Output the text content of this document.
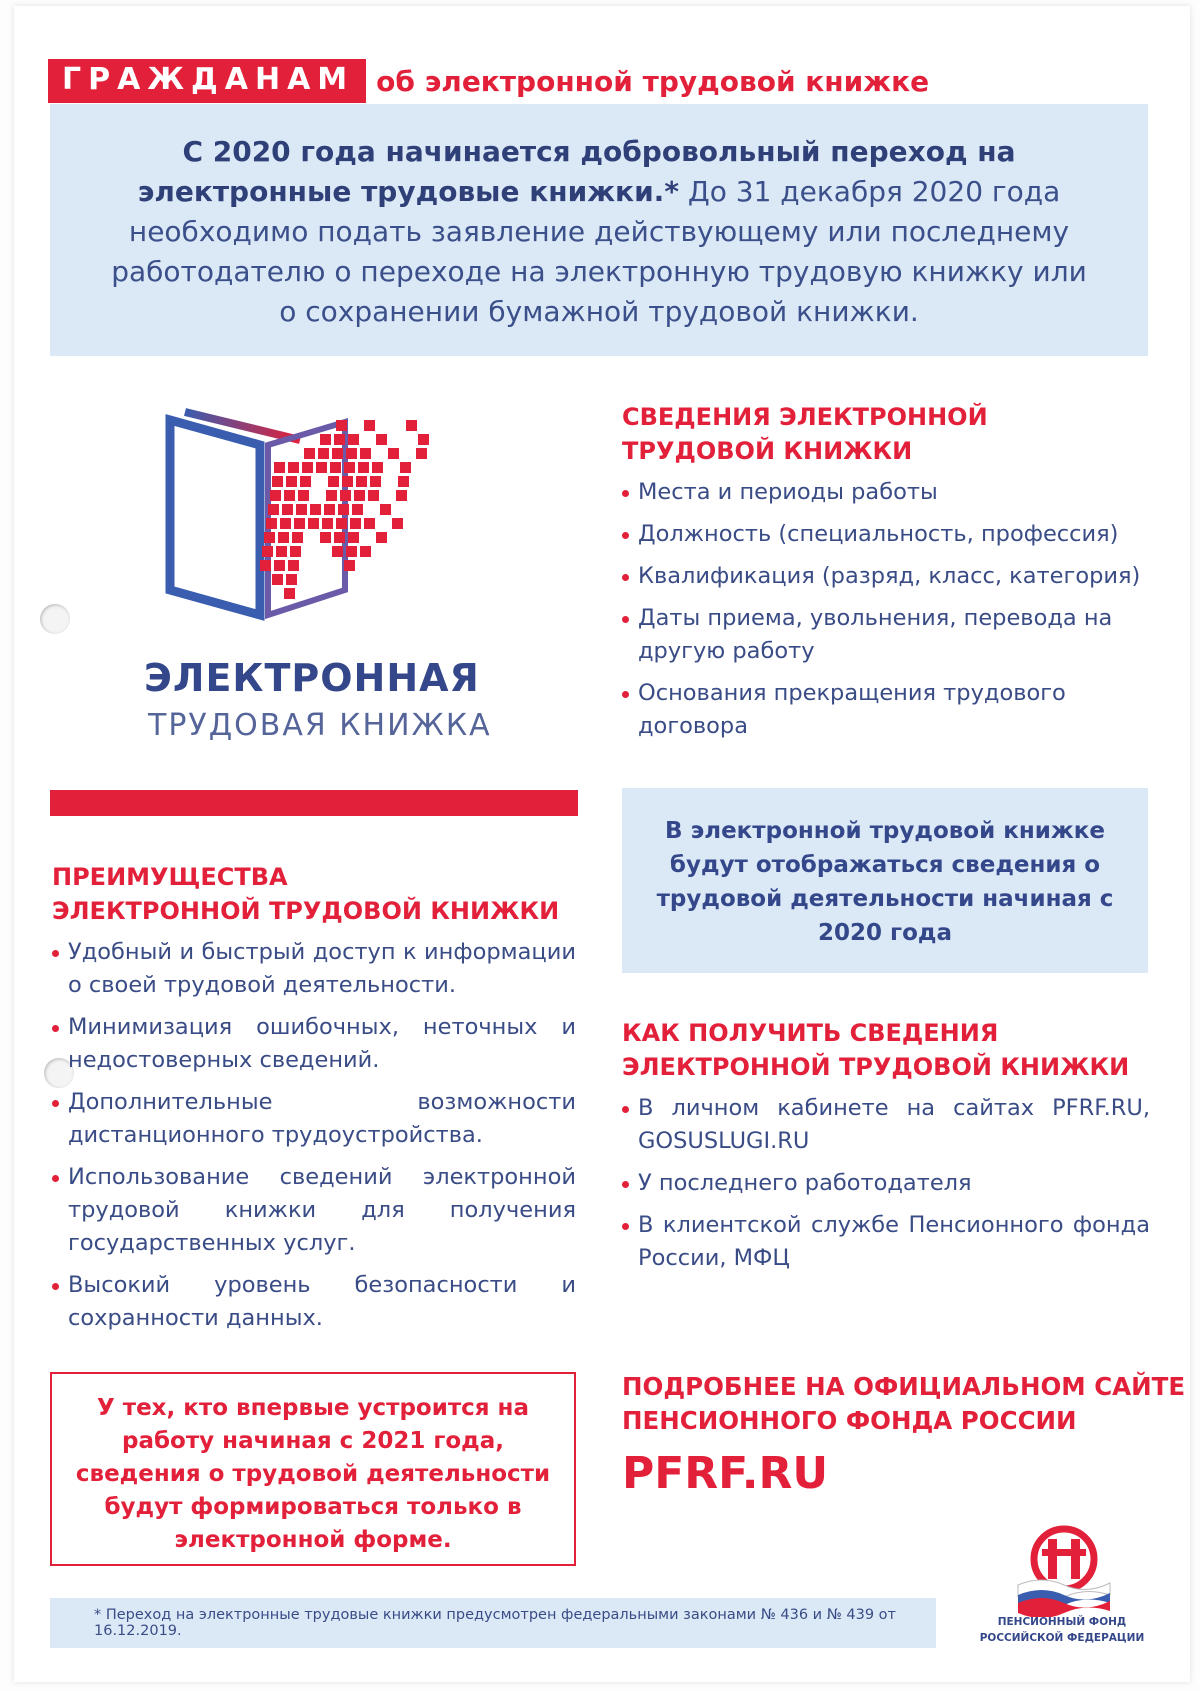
ГРАЖДАНАМ об электронной трудовой книжке
С 2020 года начинается добровольный переход на электронные трудовые книжки.* До 31 декабря 2020 года необходимо подать заявление действующему или последнему работодателю о переходе на электронную трудовую книжку или о сохранении бумажной трудовой книжки.
ЭЛЕКТРОННАЯ
ТРУДОВАЯ КНИЖКА
СВЕДЕНИЯ ЭЛЕКТРОННОЙ
ТРУДОВОЙ КНИЖКИ
Места и периоды работы
Должность (специальность, профессия)
Квалификация (разряд, класс, категория)
Даты приема, увольнения, перевода на другую работу
Основания прекращения трудового договора
В электронной трудовой книжке будут отображаться сведения о трудовой деятельности начиная с 2020 года
ПРЕИМУЩЕСТВА
ЭЛЕКТРОННОЙ ТРУДОВОЙ КНИЖКИ
Удобный и быстрый доступ к информации о своей трудовой деятельности.
Минимизация ошибочных, неточных и недостоверных сведений.
Дополнительные возможности дистанционного трудоустройства.
Использование сведений электронной трудовой книжки для получения государственных услуг.
Высокий уровень безопасности и сохранности данных.
КАК ПОЛУЧИТЬ СВЕДЕНИЯ
ЭЛЕКТРОННОЙ ТРУДОВОЙ КНИЖКИ
В личном кабинете на сайтах PFRF.RU, GOSUSLUGI.RU
У последнего работодателя
В клиентской службе Пенсионного фонда России, МФЦ
У тех, кто впервые устроится на работу начиная с 2021 года, сведения о трудовой деятельности будут формироваться только в электронной форме.
ПОДРОБНЕЕ НА ОФИЦИАЛЬНОМ САЙТЕ
ПЕНСИОННОГО ФОНДА РОССИИ
PFRF.RU
* Переход на электронные трудовые книжки предусмотрен федеральными законами № 436 и № 439 от 16.12.2019.
ПЕНСИОННЫЙ ФОНД
РОССИЙСКОЙ ФЕДЕРАЦИИ
